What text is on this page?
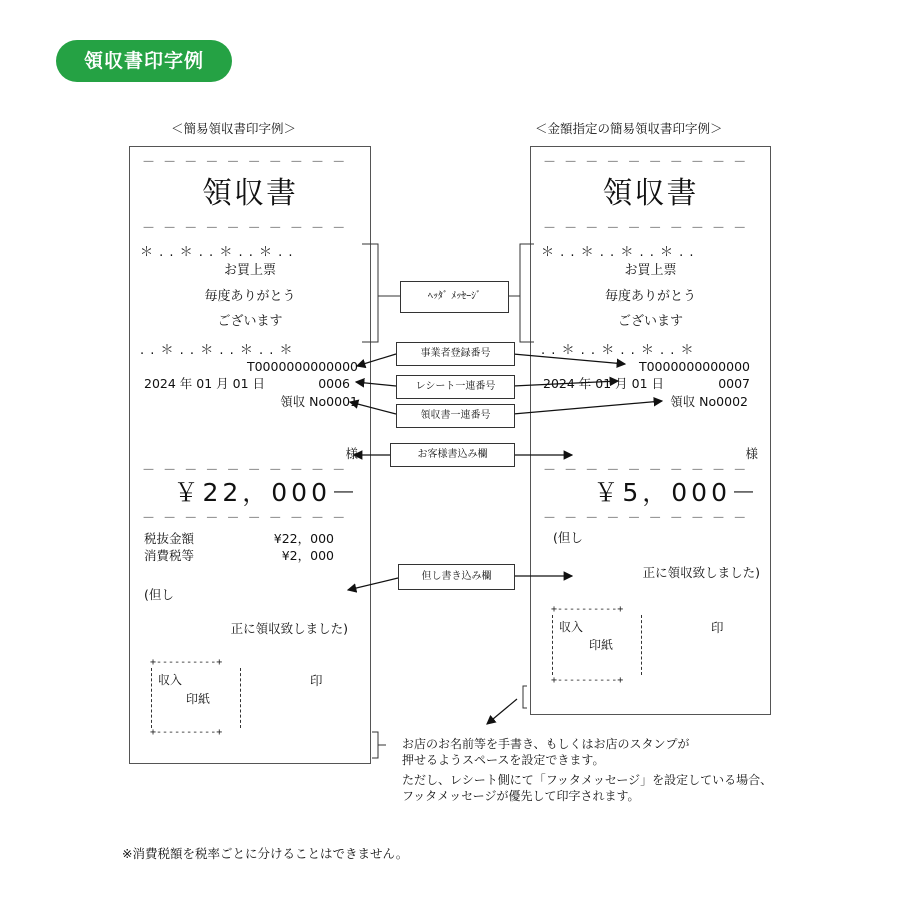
領収書印字例
＜簡易領収書印字例＞	＜金額指定の簡易領収書印字例＞
－ － － － － － － － － －
領収書
－ － － － － － － － － －
＊ . . ＊ . . ＊ . . ＊ . .
お買上票
毎度ありがとう
ございます
. . ＊ . . ＊ . . ＊ . . ＊
T0000000000000
2024 年 01 月 01 日	0006
領収 No0001
様
－ － － － － － － － － －
￥22，000－
－ － － － － － － － － －
税抜金額	¥22，000
消費税等	¥2，000
(但し
正に領収致しました)
+----------+
+----------+
収入
印紙
印
－ － － － － － － － － －
領収書
－ － － － － － － － － －
＊ . . ＊ . . ＊ . . ＊ . .
お買上票
毎度ありがとう
ございます
. . ＊ . . ＊ . . ＊ . . ＊
T0000000000000
2024 年 01 月 01 日	0007
領収 No0002
様
－ － － － － － － － － －
￥5，000－
－ － － － － － － － － －
(但し
正に領収致しました)
+----------+
+----------+
収入
印紙
印
ﾍｯﾀﾞ ﾒｯｾｰｼﾞ
事業者登録番号
レシート一連番号
領収書一連番号
お客様書込み欄
但し書き込み欄
お店のお名前等を手書き、もしくはお店のスタンプが
押せるようスペースを設定できます。
ただし、レシート側にて「フッタメッセージ」を設定している場合、
フッタメッセージが優先して印字されます。
※消費税額を税率ごとに分けることはできません。
